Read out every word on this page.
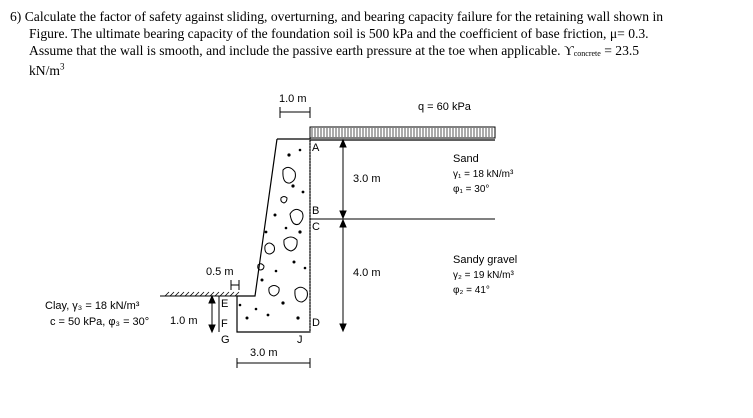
6) Calculate the factor of safety against sliding, overturning, and bearing capacity failure for the retaining wall shown in
Figure. The ultimate bearing capacity of the foundation soil is 500 kPa and the coefficient of base friction, μ= 0.3.
Assume that the wall is smooth, and include the passive earth pressure at the toe when applicable. ϒconcrete = 23.5
$kN/m^3$
1.0 m
q = 60 kPa
A
B
C
D
E
F
G	J
3.0 m
4.0 m
0.5 m
1.0 m
3.0 m
Sand
γ₁ = 18 kN/m³
φ₁ = 30°
Sandy gravel
γ₂ = 19 kN/m³
φ₂ = 41°
Clay, γ₃ = 18 kN/m³
c = 50 kPa, φ₃ = 30°
